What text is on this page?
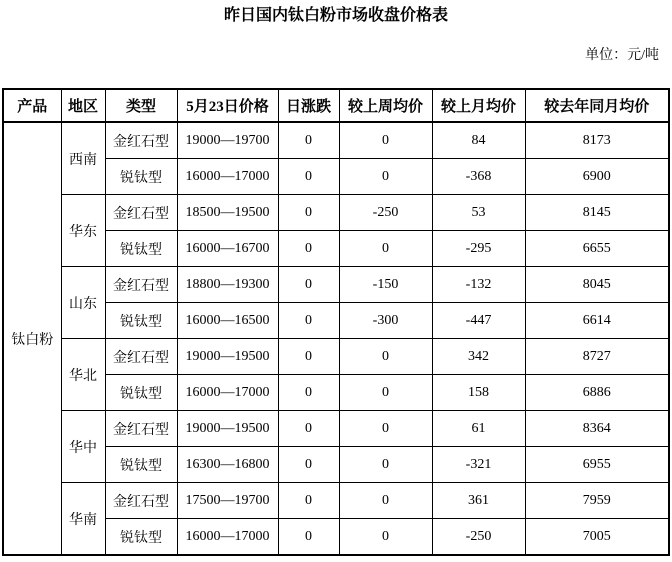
昨日国内钛白粉市场收盘价格表
单位：元/吨
产品	地区	类型	5月23日价格	日涨跌	较上周均价	较上月均价	较去年同月均价
钛白粉	西南	金红石型	19000—19700	0	0	84	8173
		锐钛型	16000—17000	0	0	-368	6900
	华东	金红石型	18500—19500	0	-250	53	8145
		锐钛型	16000—16700	0	0	-295	6655
	山东	金红石型	18800—19300	0	-150	-132	8045
		锐钛型	16000—16500	0	-300	-447	6614
	华北	金红石型	19000—19500	0	0	342	8727
		锐钛型	16000—17000	0	0	158	6886
	华中	金红石型	19000—19500	0	0	61	8364
		锐钛型	16300—16800	0	0	-321	6955
	华南	金红石型	17500—19700	0	0	361	7959
		锐钛型	16000—17000	0	0	-250	7005
